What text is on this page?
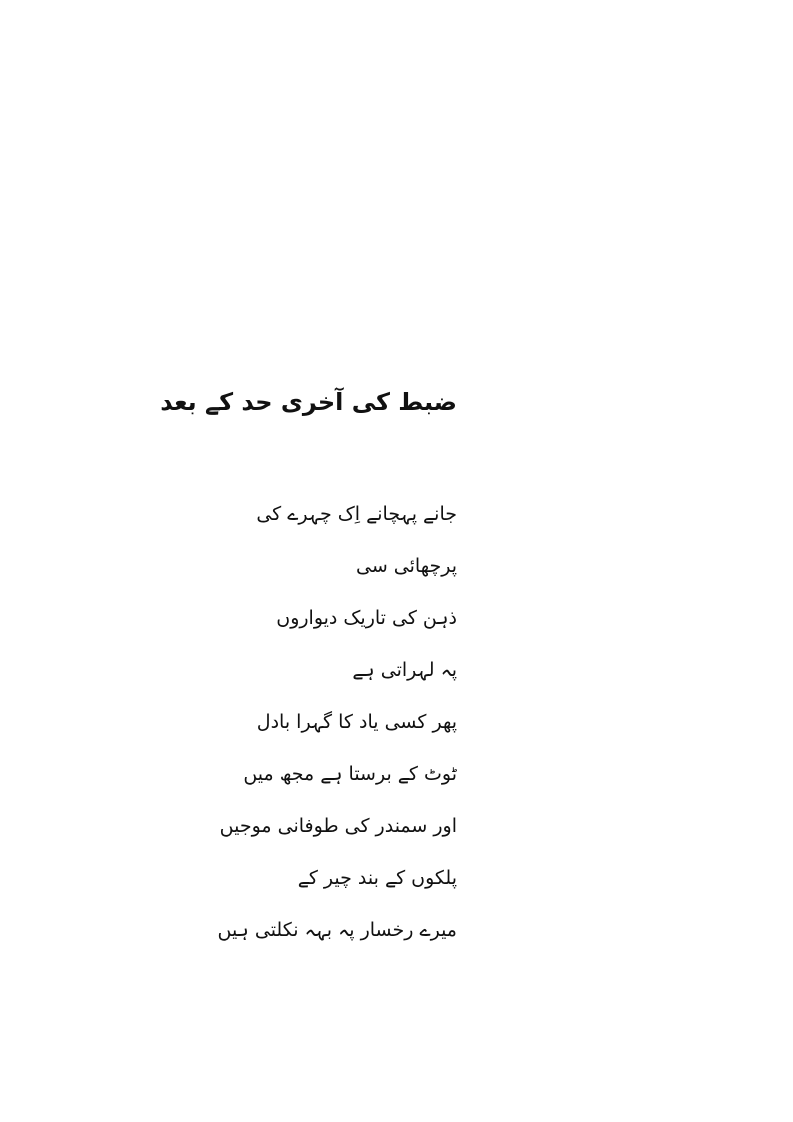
ضبط کی آخری حد کے بعد
جانے پہچانے اِک چہرے کی
پرچھائی سی
ذہن کی تاریک دیواروں
پہ لہراتی ہے
پھر کسی یاد کا گہرا بادل
ٹوٹ کے برستا ہے مجھ میں
اور سمندر کی طوفانی موجیں
پلکوں کے بند چیر کے
میرے رخسار پہ بہہ نکلتی ہیں
